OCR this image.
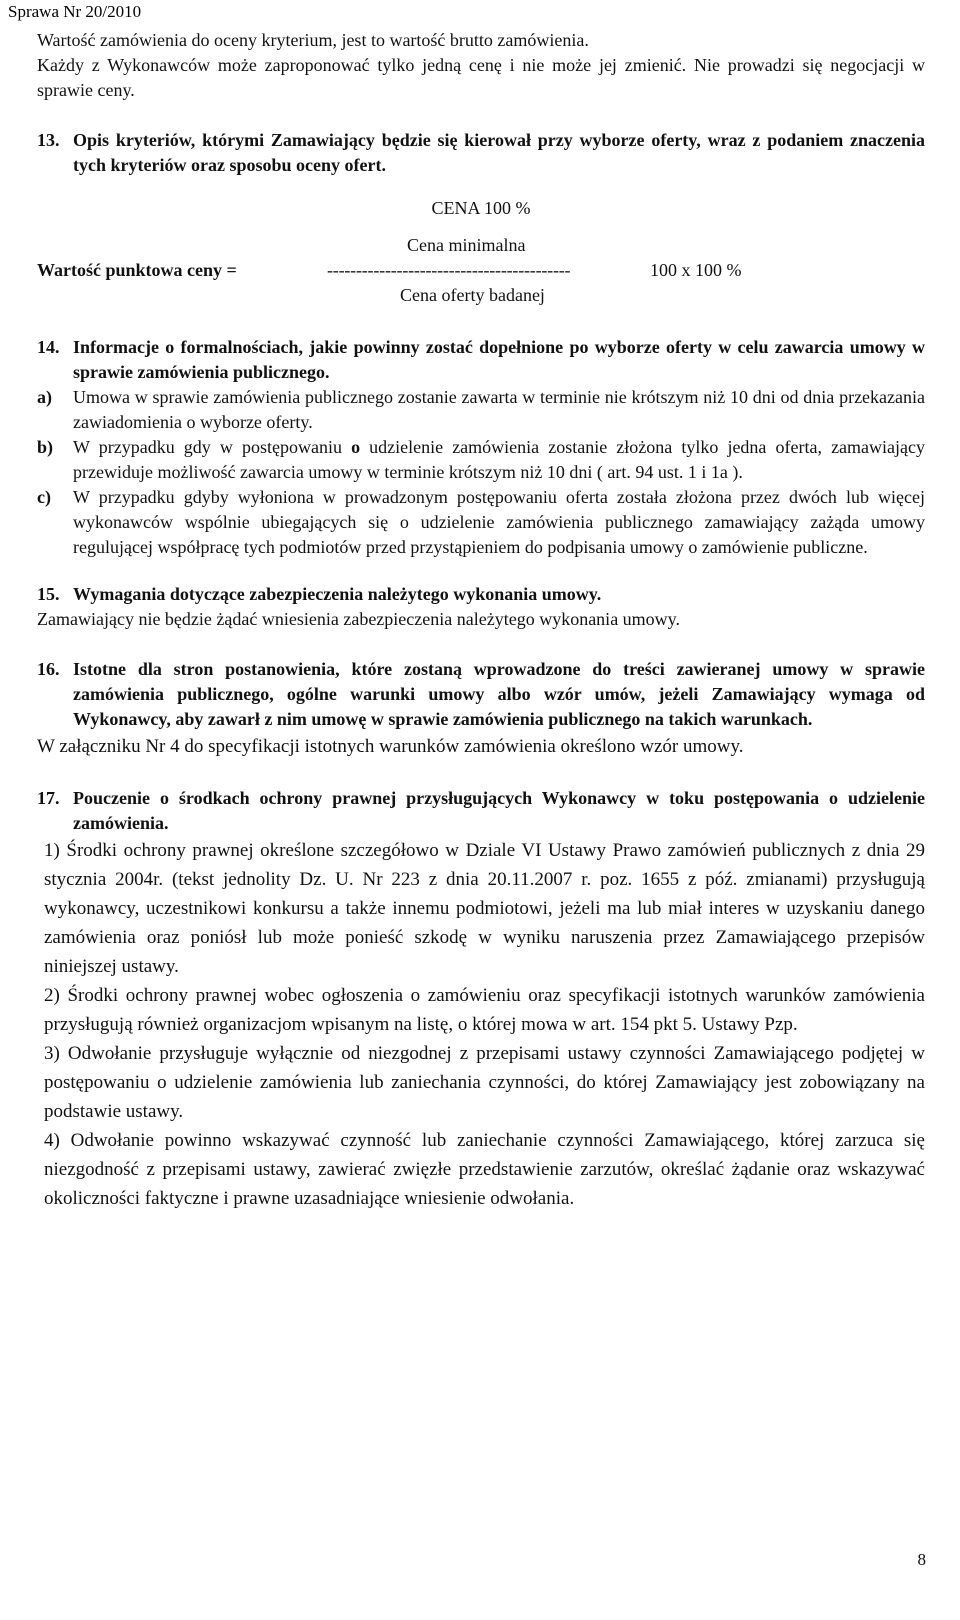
Sprawa Nr 20/2010

Wartość zamówienia do oceny kryterium, jest to wartość brutto zamówienia.

Każdy z Wykonawców może zaproponować tylko jedną cenę i nie może jej zmienić. Nie prowadzi się negocjacji w sprawie ceny.

13. Opis kryteriów, którymi Zamawiający będzie się kierował przy wyborze oferty, wraz z podaniem znaczenia tych kryteriów oraz sposobu oceny ofert.

CENA 100 %

Cena minimalna
Wartość punktowa ceny =	------------------------------------------	100 x 100 %
Cena oferty badanej
14. Informacje o formalnościach, jakie powinny zostać dopełnione po wyborze oferty w celu zawarcia umowy w sprawie zamówienia publicznego.
a)	Umowa w sprawie zamówienia publicznego zostanie zawarta w terminie nie krótszym niż 10 dni od dnia przekazania zawiadomienia o wyborze oferty.
b)	W przypadku gdy w postępowaniu o udzielenie zamówienia zostanie złożona tylko jedna oferta, zamawiający przewiduje możliwość zawarcia umowy w terminie krótszym niż 10 dni ( art. 94 ust. 1 i 1a ).
c)	W przypadku gdyby wyłoniona w prowadzonym postępowaniu oferta została złożona przez dwóch lub więcej wykonawców wspólnie ubiegających się o udzielenie zamówienia publicznego zamawiający zażąda umowy regulującej współpracę tych podmiotów przed przystąpieniem do podpisania umowy o zamówienie publiczne.
15. Wymagania dotyczące zabezpieczenia należytego wykonania umowy.

Zamawiający nie będzie żądać wniesienia zabezpieczenia należytego wykonania umowy.

16. Istotne dla stron postanowienia, które zostaną wprowadzone do treści zawieranej umowy w sprawie zamówienia publicznego, ogólne warunki umowy albo wzór umów, jeżeli Zamawiający wymaga od Wykonawcy, aby zawarł z nim umowę w sprawie zamówienia publicznego na takich warunkach.

W załączniku Nr 4 do specyfikacji istotnych warunków zamówienia określono wzór umowy.

17. Pouczenie o środkach ochrony prawnej przysługujących Wykonawcy w toku postępowania o udzielenie zamówienia.

1) Środki ochrony prawnej określone szczegółowo w Dziale VI Ustawy Prawo zamówień publicznych z dnia 29 stycznia 2004r. (tekst jednolity Dz. U. Nr 223 z dnia 20.11.2007 r. poz. 1655 z póź. zmianami) przysługują wykonawcy, uczestnikowi konkursu a także innemu podmiotowi, jeżeli ma lub miał interes w uzyskaniu danego zamówienia oraz poniósł lub może ponieść szkodę w wyniku naruszenia przez Zamawiającego przepisów niniejszej ustawy.

2) Środki ochrony prawnej wobec ogłoszenia o zamówieniu oraz specyfikacji istotnych warunków zamówienia przysługują również organizacjom wpisanym na listę, o której mowa w art. 154 pkt 5. Ustawy Pzp.

3) Odwołanie przysługuje wyłącznie od niezgodnej z przepisami ustawy czynności Zamawiającego podjętej w postępowaniu o udzielenie zamówienia lub zaniechania czynności, do której Zamawiający jest zobowiązany na podstawie ustawy.

4) Odwołanie powinno wskazywać czynność lub zaniechanie czynności Zamawiającego, której zarzuca się niezgodność z przepisami ustawy, zawierać zwięzłe przedstawienie zarzutów, określać żądanie oraz wskazywać okoliczności faktyczne i prawne uzasadniające wniesienie odwołania.

8
